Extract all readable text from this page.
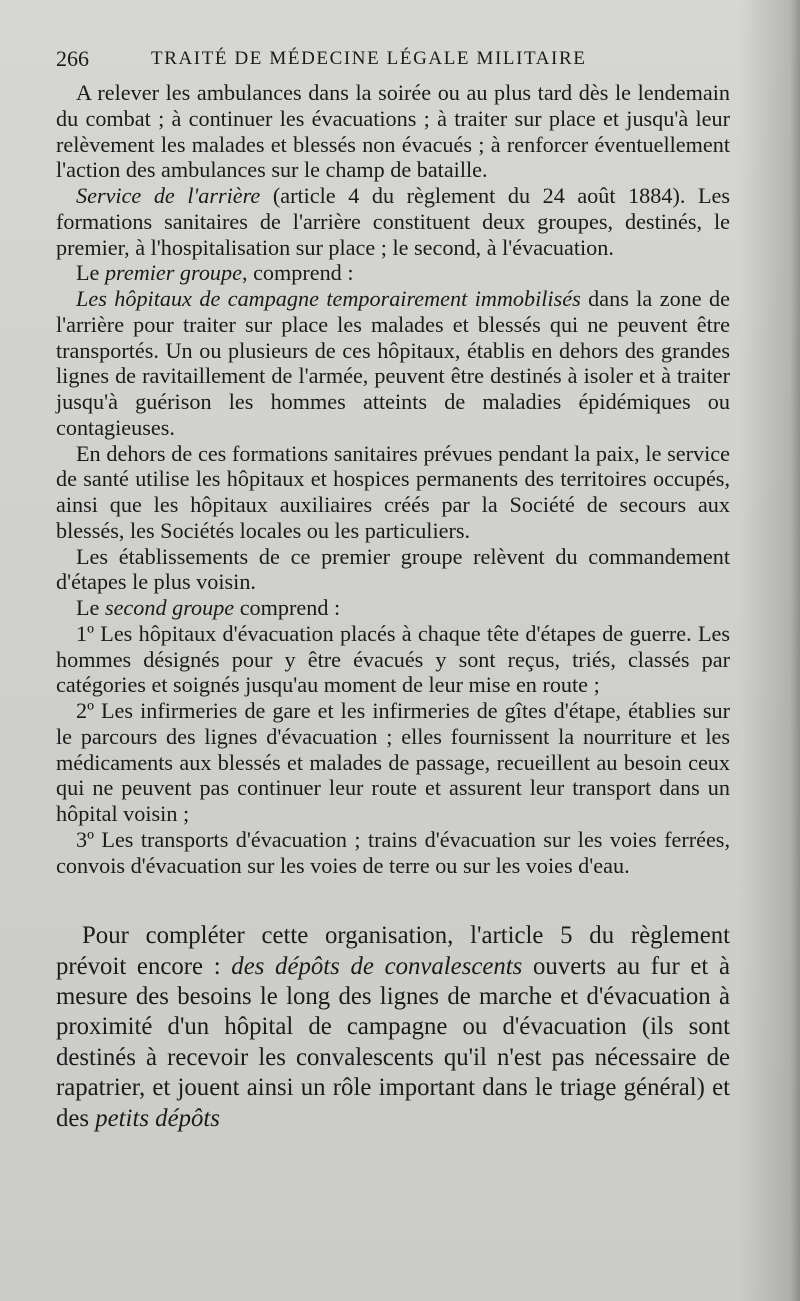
266	TRAITÉ DE MÉDECINE LÉGALE MILITAIRE

A relever les ambulances dans la soirée ou au plus tard dès le lendemain du combat ; à continuer les évacuations ; à traiter sur place et jusqu'à leur relèvement les malades et blessés non évacués ; à renforcer éventuellement l'action des ambulances sur le champ de bataille.

Service de l'arrière (article 4 du règlement du 24 août 1884). Les formations sanitaires de l'arrière constituent deux groupes, destinés, le premier, à l'hospitalisation sur place ; le second, à l'évacuation.

Le premier groupe, comprend :

Les hôpitaux de campagne temporairement immobilisés dans la zone de l'arrière pour traiter sur place les malades et blessés qui ne peuvent être transportés. Un ou plusieurs de ces hôpitaux, établis en dehors des grandes lignes de ravitaillement de l'armée, peuvent être destinés à isoler et à traiter jusqu'à guérison les hommes atteints de maladies épidémiques ou contagieuses.

En dehors de ces formations sanitaires prévues pendant la paix, le service de santé utilise les hôpitaux et hospices permanents des territoires occupés, ainsi que les hôpitaux auxiliaires créés par la Société de secours aux blessés, les Sociétés locales ou les particuliers.

Les établissements de ce premier groupe relèvent du commandement d'étapes le plus voisin.

Le second groupe comprend :

1º Les hôpitaux d'évacuation placés à chaque tête d'étapes de guerre. Les hommes désignés pour y être évacués y sont reçus, triés, classés par catégories et soignés jusqu'au moment de leur mise en route ;

2º Les infirmeries de gare et les infirmeries de gîtes d'étape, établies sur le parcours des lignes d'évacuation ; elles fournissent la nourriture et les médicaments aux blessés et malades de passage, recueillent au besoin ceux qui ne peuvent pas continuer leur route et assurent leur transport dans un hôpital voisin ;

3º Les transports d'évacuation ; trains d'évacuation sur les voies ferrées, convois d'évacuation sur les voies de terre ou sur les voies d'eau.

Pour compléter cette organisation, l'article 5 du règlement prévoit encore : des dépôts de convalescents ouverts au fur et à mesure des besoins le long des lignes de marche et d'évacuation à proximité d'un hôpital de campagne ou d'évacuation (ils sont destinés à recevoir les convalescents qu'il n'est pas nécessaire de rapatrier, et jouent ainsi un rôle important dans le triage général) et des petits dépôts
